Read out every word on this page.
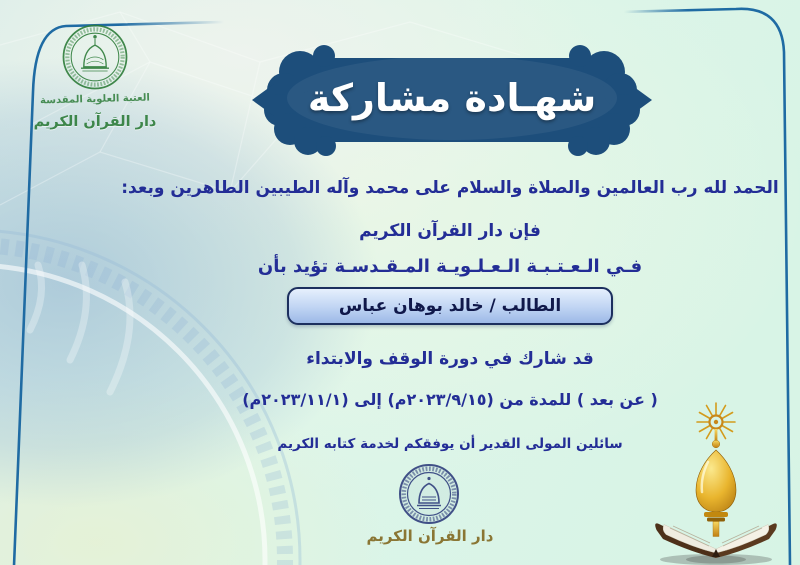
العتبة العلوية المقدسة
دار القرآن الكريم
شهـادة مشاركة
الحمد لله رب العالمين والصلاة والسلام على محمد وآله الطيبين الطاهرين وبعد:
فإن دار القرآن الكريم
فـي الـعـتـبـة الـعـلـويـة المـقـدسـة تؤيد بأن
الطالب / خالد بوهان عباس
قد شارك في دورة الوقف والابتداء
( عن بعد ) للمدة من (٢٠٢٣/٩/١٥م) إلى (٢٠٢٣/١١/١م)
سائلين المولى القدير أن يوفقكم لخدمة كتابه الكريم
دار القرآن الكريم
